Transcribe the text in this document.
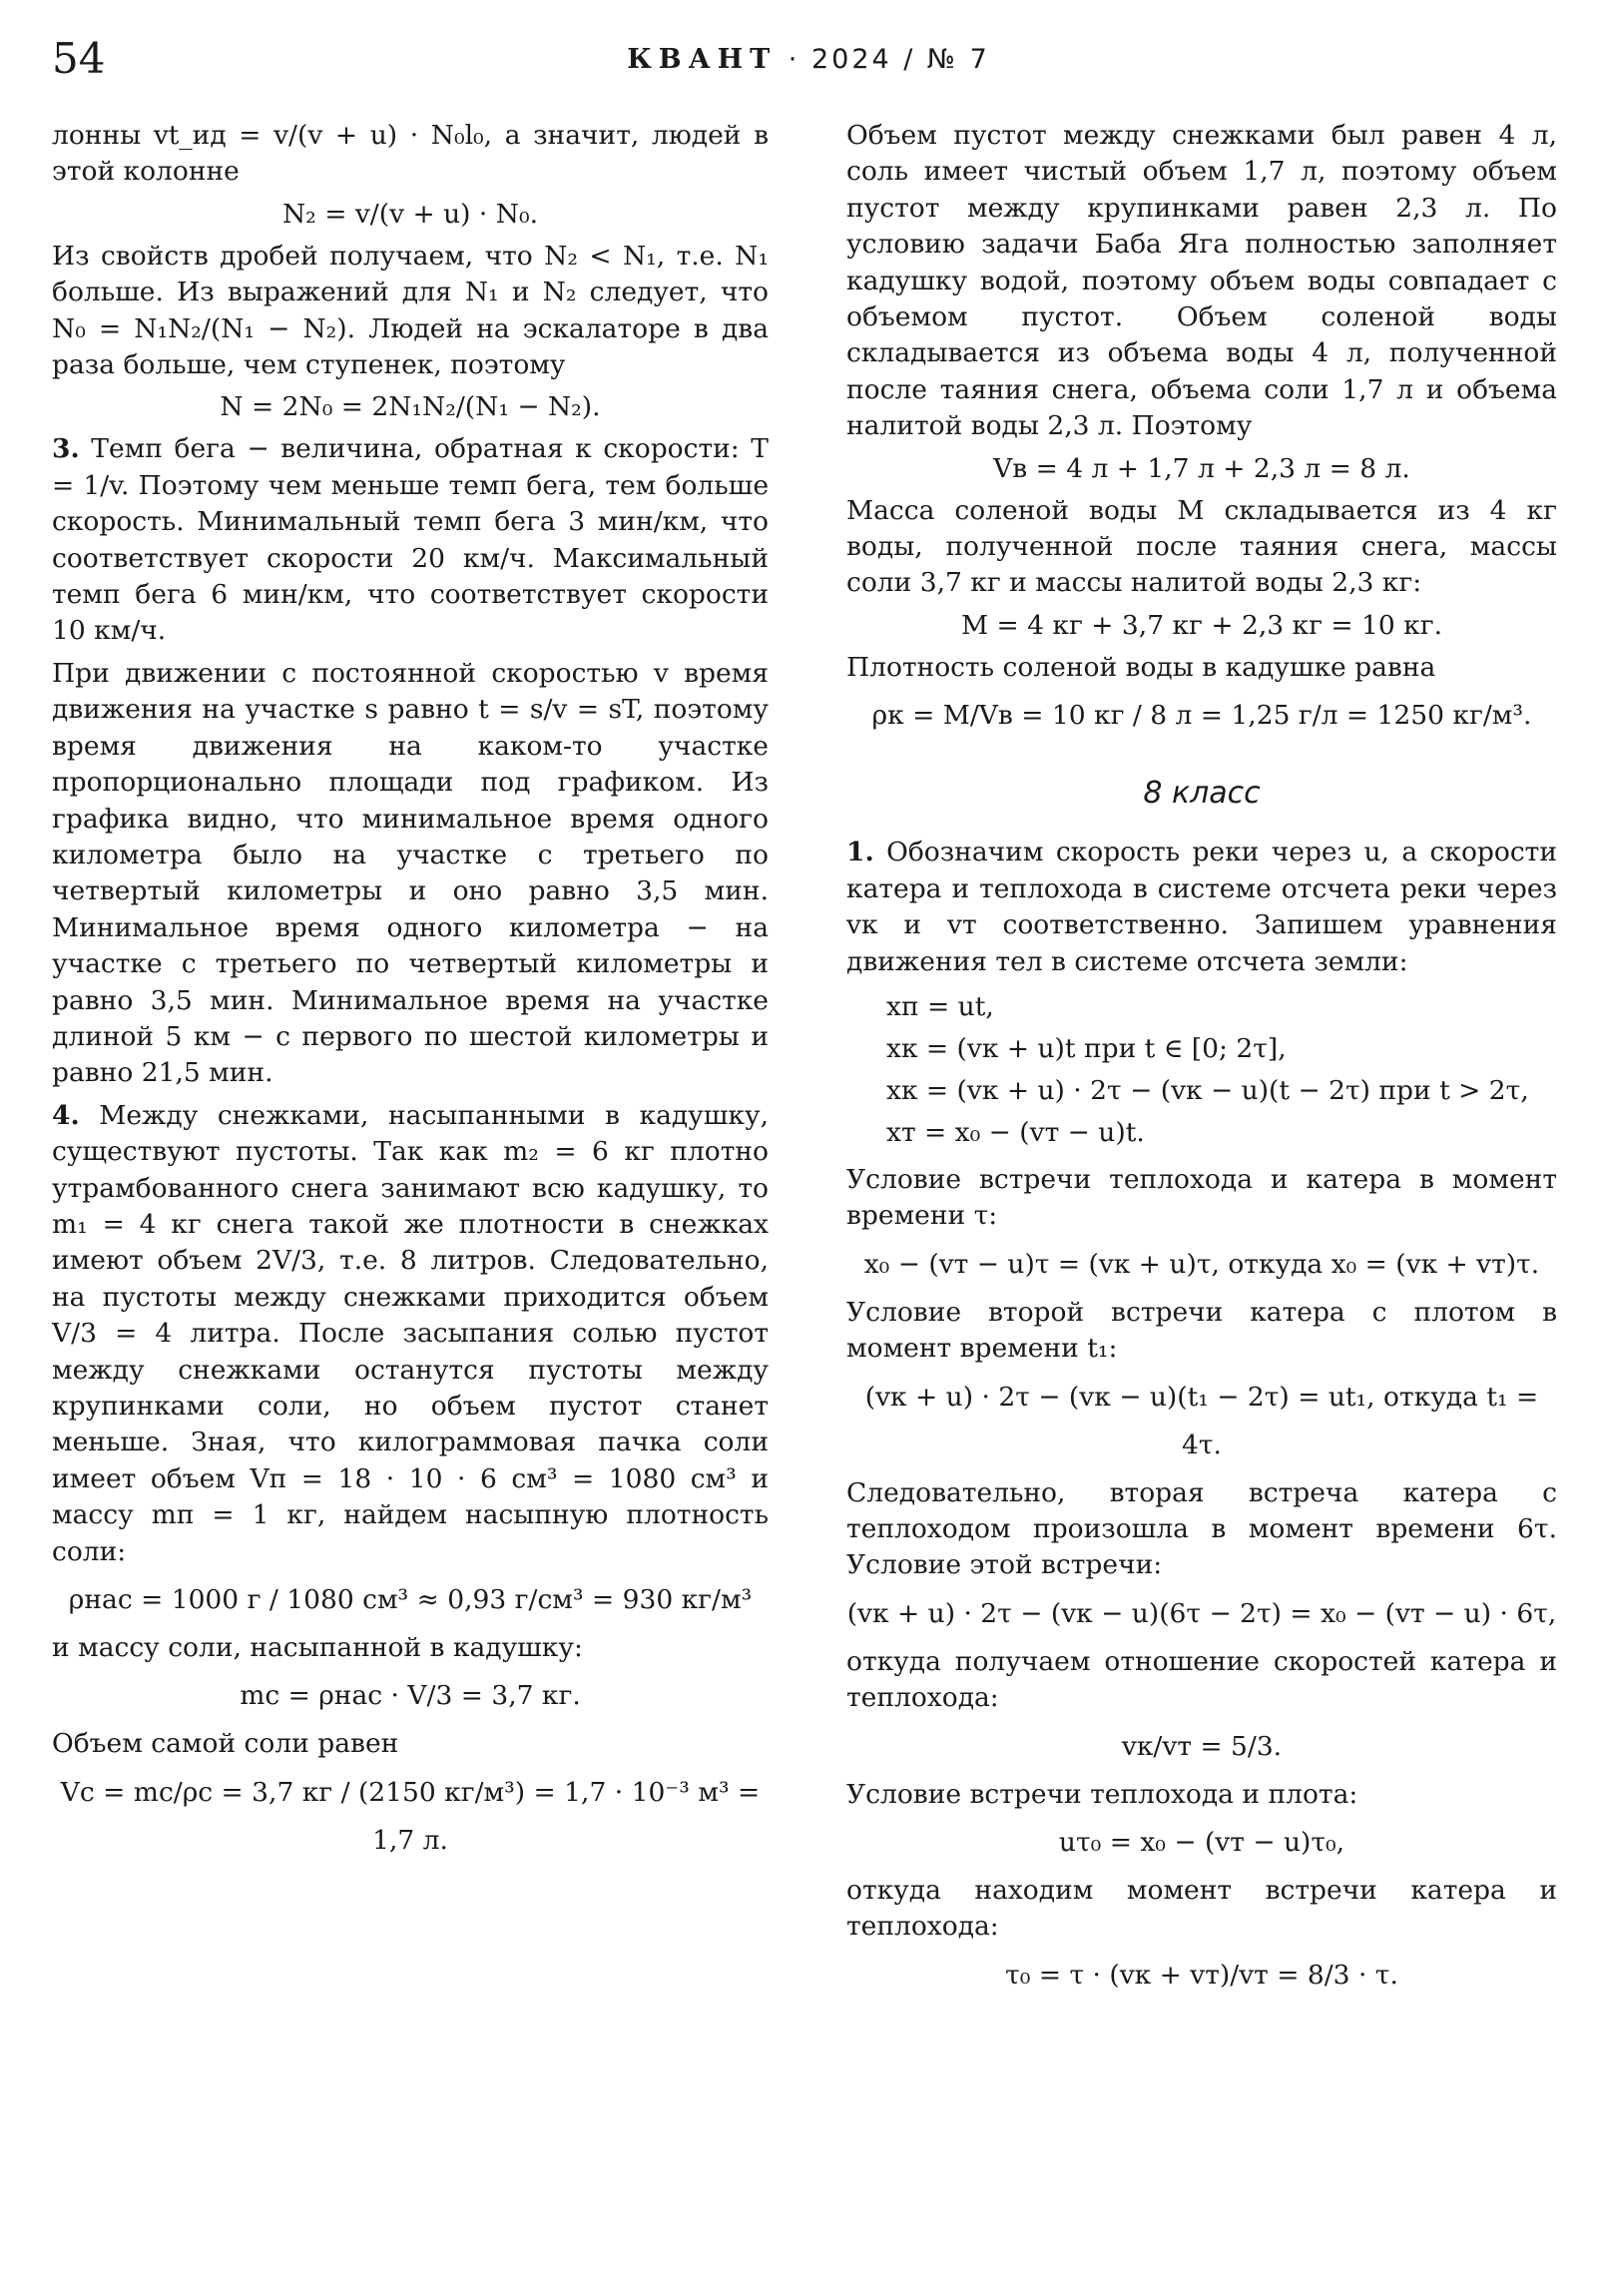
54	КВАНТ · 2024 / № 7

лонны vt_ид = v/(v + u) · N₀l₀, а значит, людей в этой колонне

N₂ = v/(v + u) · N₀.

Из свойств дробей получаем, что N₂ < N₁, т.е. N₁ больше. Из выражений для N₁ и N₂ следует, что N₀ = N₁N₂/(N₁ − N₂). Людей на эскалаторе в два раза больше, чем ступенек, поэтому

N = 2N₀ = 2N₁N₂/(N₁ − N₂).

3. Темп бега − величина, обратная к скорости: T = 1/v. Поэтому чем меньше темп бега, тем больше скорость. Минимальный темп бега 3 мин/км, что соответствует скорости 20 км/ч. Максимальный темп бега 6 мин/км, что соответствует скорости 10 км/ч.

При движении с постоянной скоростью v время движения на участке s равно t = s/v = sT, поэтому время движения на каком-то участке пропорционально площади под графиком. Из графика видно, что минимальное время одного километра было на участке с третьего по четвертый километры и оно равно 3,5 мин. Минимальное время одного километра − на участке с третьего по четвертый километры и равно 3,5 мин. Минимальное время на участке длиной 5 км − с первого по шестой километры и равно 21,5 мин.

4. Между снежками, насыпанными в кадушку, существуют пустоты. Так как m₂ = 6 кг плотно утрамбованного снега занимают всю кадушку, то m₁ = 4 кг снега такой же плотности в снежках имеют объем 2V/3, т.е. 8 литров. Следовательно, на пустоты между снежками приходится объем V/3 = 4 литра. После засыпания солью пустот между снежками останутся пустоты между крупинками соли, но объем пустот станет меньше. Зная, что килограммовая пачка соли имеет объем Vп = 18 · 10 · 6 см³ = 1080 см³ и массу mп = 1 кг, найдем насыпную плотность соли:

ρнас = 1000 г / 1080 см³ ≈ 0,93 г/см³ = 930 кг/м³

и массу соли, насыпанной в кадушку:

mс = ρнас · V/3 = 3,7 кг.

Объем самой соли равен

Vс = mс/ρс = 3,7 кг / (2150 кг/м³) = 1,7 · 10⁻³ м³ = 1,7 л.

Объем пустот между снежками был равен 4 л, соль имеет чистый объем 1,7 л, поэтому объем пустот между крупинками равен 2,3 л. По условию задачи Баба Яга полностью заполняет кадушку водой, поэтому объем воды совпадает с объемом пустот. Объем соленой воды складывается из объема воды 4 л, полученной после таяния снега, объема соли 1,7 л и объема налитой воды 2,3 л. Поэтому

Vв = 4 л + 1,7 л + 2,3 л = 8 л.

Масса соленой воды M складывается из 4 кг воды, полученной после таяния снега, массы соли 3,7 кг и массы налитой воды 2,3 кг:

M = 4 кг + 3,7 кг + 2,3 кг = 10 кг.

Плотность соленой воды в кадушке равна

ρк = M/Vв = 10 кг / 8 л = 1,25 г/л = 1250 кг/м³.
8 класс

1. Обозначим скорость реки через u, а скорости катера и теплохода в системе отсчета реки через vк и vт соответственно. Запишем уравнения движения тел в системе отсчета земли:

xп = ut,
xк = (vк + u)t при t ∈ [0; 2τ],
xк = (vк + u) · 2τ − (vк − u)(t − 2τ) при t > 2τ,
xт = x₀ − (vт − u)t.

Условие встречи теплохода и катера в момент времени τ:

x₀ − (vт − u)τ = (vк + u)τ, откуда x₀ = (vк + vт)τ.

Условие второй встречи катера с плотом в момент времени t₁:

(vк + u) · 2τ − (vк − u)(t₁ − 2τ) = ut₁, откуда t₁ = 4τ.

Следовательно, вторая встреча катера с теплоходом произошла в момент времени 6τ. Условие этой встречи:

(vк + u) · 2τ − (vк − u)(6τ − 2τ) = x₀ − (vт − u) · 6τ,

откуда получаем отношение скоростей катера и теплохода:

vк/vт = 5/3.

Условие встречи теплохода и плота:

uτ₀ = x₀ − (vт − u)τ₀,

откуда находим момент встречи катера и теплохода:

τ₀ = τ · (vк + vт)/vт = 8/3 · τ.
